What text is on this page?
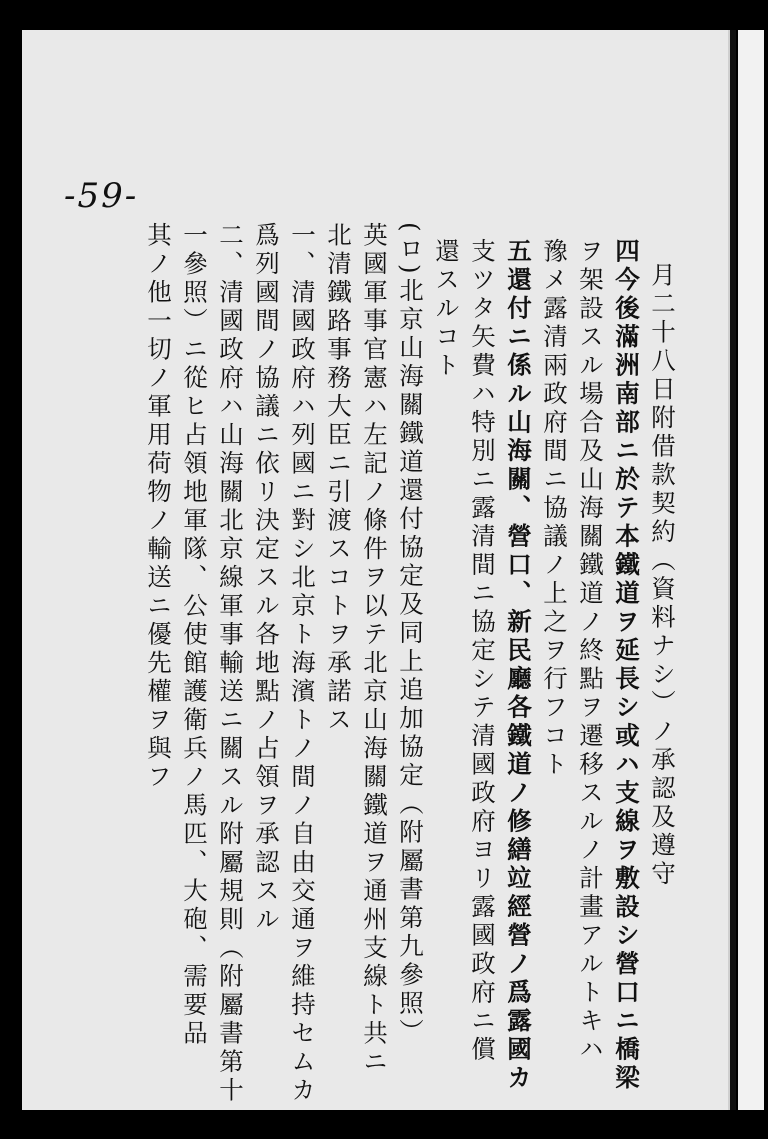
-59-
月二十八日附借款契約（資料ナシ）ノ承認及遵守
四今後滿洲南部ニ於テ本鐵道ヲ延長シ或ハ支線ヲ敷設シ營口ニ橋梁
ヲ架設スル場合及山海關鐵道ノ終點ヲ遷移スルノ計畫アルトキハ
豫メ露清兩政府間ニ協議ノ上之ヲ行フコト
五還付ニ係ル山海關、營口、新民廳各鐵道ノ修繕竝經營ノ爲露國カ
支ツタ矢費ハ特別ニ露清間ニ協定シテ清國政府ヨリ露國政府ニ償
還スルコト
(ロ)北京山海關鐵道還付協定及同上追加協定（附屬書第九參照）
英國軍事官憲ハ左記ノ條件ヲ以テ北京山海關鐵道ヲ通州支線ト共ニ
北清鐵路事務大臣ニ引渡スコトヲ承諾ス
一、清國政府ハ列國ニ對シ北京ト海濱トノ間ノ自由交通ヲ維持セムカ
爲列國間ノ協議ニ依リ決定スル各地點ノ占領ヲ承認スル
二、清國政府ハ山海關北京線軍事輸送ニ關スル附屬規則（附屬書第十
一參照）ニ從ヒ占領地軍隊、公使館護衛兵ノ馬匹、大砲、需要品
其ノ他一切ノ軍用荷物ノ輸送ニ優先權ヲ與フ
